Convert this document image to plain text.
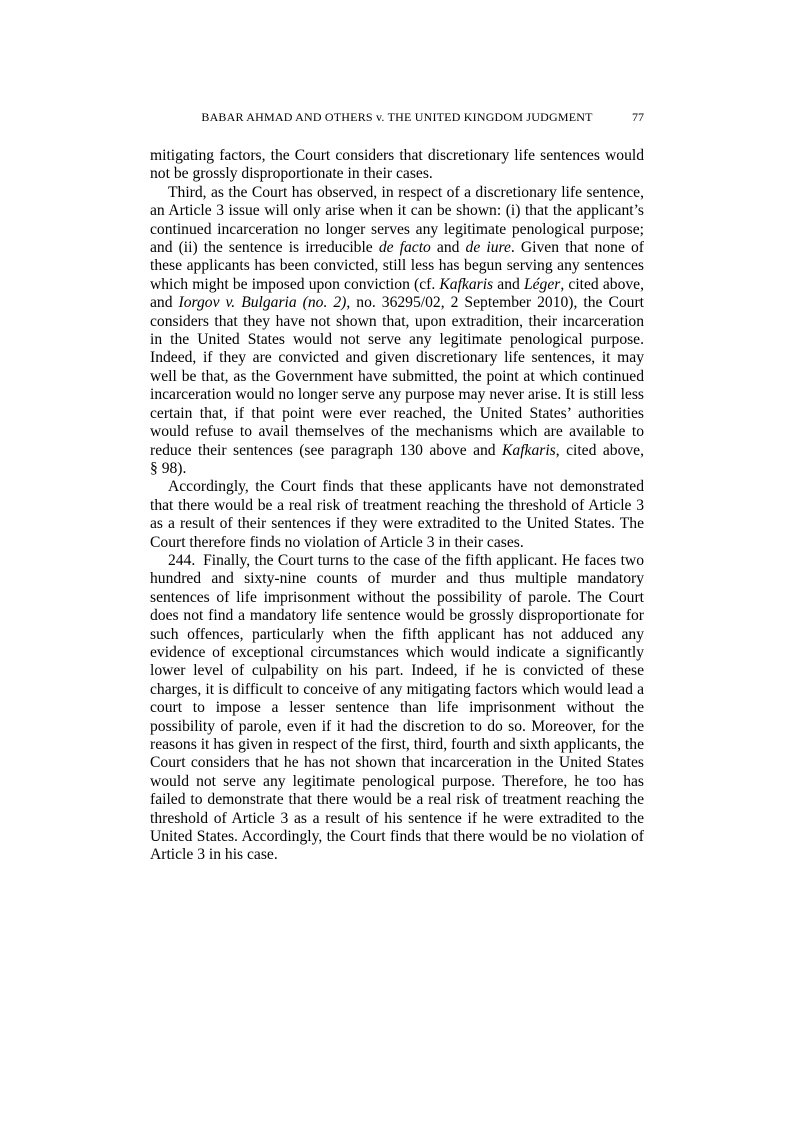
BABAR AHMAD AND OTHERS v. THE UNITED KINGDOM JUDGMENT	77

mitigating factors, the Court considers that discretionary life sentences would not be grossly disproportionate in their cases.

Third, as the Court has observed, in respect of a discretionary life sentence, an Article 3 issue will only arise when it can be shown: (i) that the applicant’s continued incarceration no longer serves any legitimate penological purpose; and (ii) the sentence is irreducible de facto and de iure. Given that none of these applicants has been convicted, still less has begun serving any sentences which might be imposed upon conviction (cf. Kafkaris and Léger, cited above, and Iorgov v. Bulgaria (no. 2), no. 36295/02, 2 September 2010), the Court considers that they have not shown that, upon extradition, their incarceration in the United States would not serve any legitimate penological purpose. Indeed, if they are convicted and given discretionary life sentences, it may well be that, as the Government have submitted, the point at which continued incarceration would no longer serve any purpose may never arise. It is still less certain that, if that point were ever reached, the United States’ authorities would refuse to avail themselves of the mechanisms which are available to reduce their sentences (see paragraph 130 above and Kafkaris, cited above, § 98).

Accordingly, the Court finds that these applicants have not demonstrated that there would be a real risk of treatment reaching the threshold of Article 3 as a result of their sentences if they were extradited to the United States. The Court therefore finds no violation of Article 3 in their cases.

244. Finally, the Court turns to the case of the fifth applicant. He faces two hundred and sixty-nine counts of murder and thus multiple mandatory sentences of life imprisonment without the possibility of parole. The Court does not find a mandatory life sentence would be grossly disproportionate for such offences, particularly when the fifth applicant has not adduced any evidence of exceptional circumstances which would indicate a significantly lower level of culpability on his part. Indeed, if he is convicted of these charges, it is difficult to conceive of any mitigating factors which would lead a court to impose a lesser sentence than life imprisonment without the possibility of parole, even if it had the discretion to do so. Moreover, for the reasons it has given in respect of the first, third, fourth and sixth applicants, the Court considers that he has not shown that incarceration in the United States would not serve any legitimate penological purpose. Therefore, he too has failed to demonstrate that there would be a real risk of treatment reaching the threshold of Article 3 as a result of his sentence if he were extradited to the United States. Accordingly, the Court finds that there would be no violation of Article 3 in his case.
